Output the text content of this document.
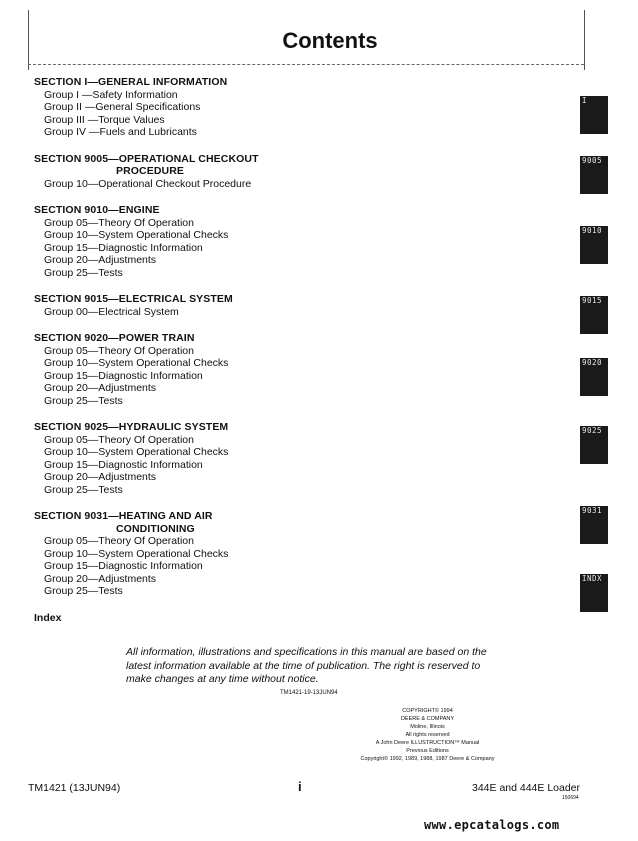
Contents
SECTION I—GENERAL INFORMATION
Group I —Safety Information
Group II —General Specifications
Group III —Torque Values
Group IV —Fuels and Lubricants
SECTION 9005—OPERATIONAL CHECKOUT
PROCEDURE
Group 10—Operational Checkout Procedure
SECTION 9010—ENGINE
Group 05—Theory Of Operation
Group 10—System Operational Checks
Group 15—Diagnostic Information
Group 20—Adjustments
Group 25—Tests
SECTION 9015—ELECTRICAL SYSTEM
Group 00—Electrical System
SECTION 9020—POWER TRAIN
Group 05—Theory Of Operation
Group 10—System Operational Checks
Group 15—Diagnostic Information
Group 20—Adjustments
Group 25—Tests
SECTION 9025—HYDRAULIC SYSTEM
Group 05—Theory Of Operation
Group 10—System Operational Checks
Group 15—Diagnostic Information
Group 20—Adjustments
Group 25—Tests
SECTION 9031—HEATING AND AIR
CONDITIONING
Group 05—Theory Of Operation
Group 10—System Operational Checks
Group 15—Diagnostic Information
Group 20—Adjustments
Group 25—Tests
Index
I
9005
9010
9015
9020
9025
9031
INDX
All information, illustrations and specifications in this manual are based on the latest information available at the time of publication. The right is reserved to make changes at any time without notice.
TM1421-19-13JUN94
COPYRIGHT© 1994
DEERE & COMPANY
Moline, Illinois
All rights reserved
A John Deere ILLUSTRUCTION™ Manual
Previous Editions
Copyright© 1992, 1989, 1988, 1987 Deere & Company
TM1421 (13JUN94)	i	344E and 444E Loader
150694
www.epcatalogs.com
